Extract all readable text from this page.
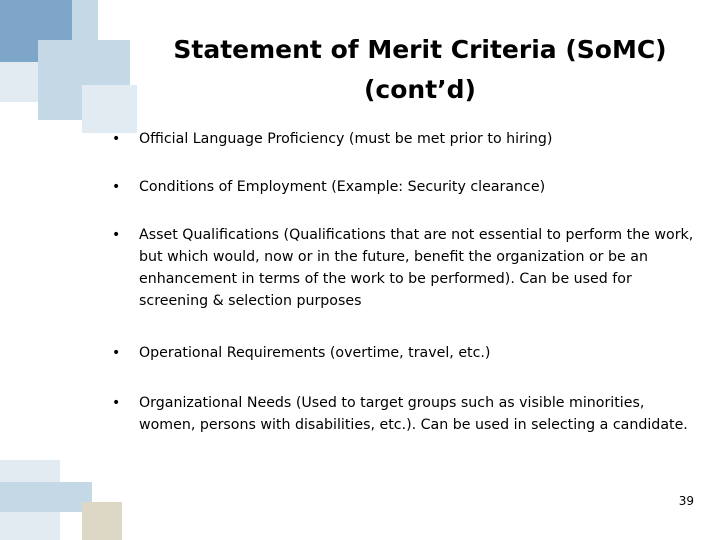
Statement of Merit Criteria (SoMC)
(cont’d)
• Official Language Proficiency (must be met prior to hiring)
• Conditions of Employment (Example: Security clearance)
• Asset Qualifications (Qualifications that are not essential to perform the work, but which would, now or in the future, benefit the organization or be an enhancement in terms of the work to be performed). Can be used for screening & selection purposes
• Operational Requirements (overtime, travel, etc.)
• Organizational Needs (Used to target groups such as visible minorities, women, persons with disabilities, etc.). Can be used in selecting a candidate.
39
